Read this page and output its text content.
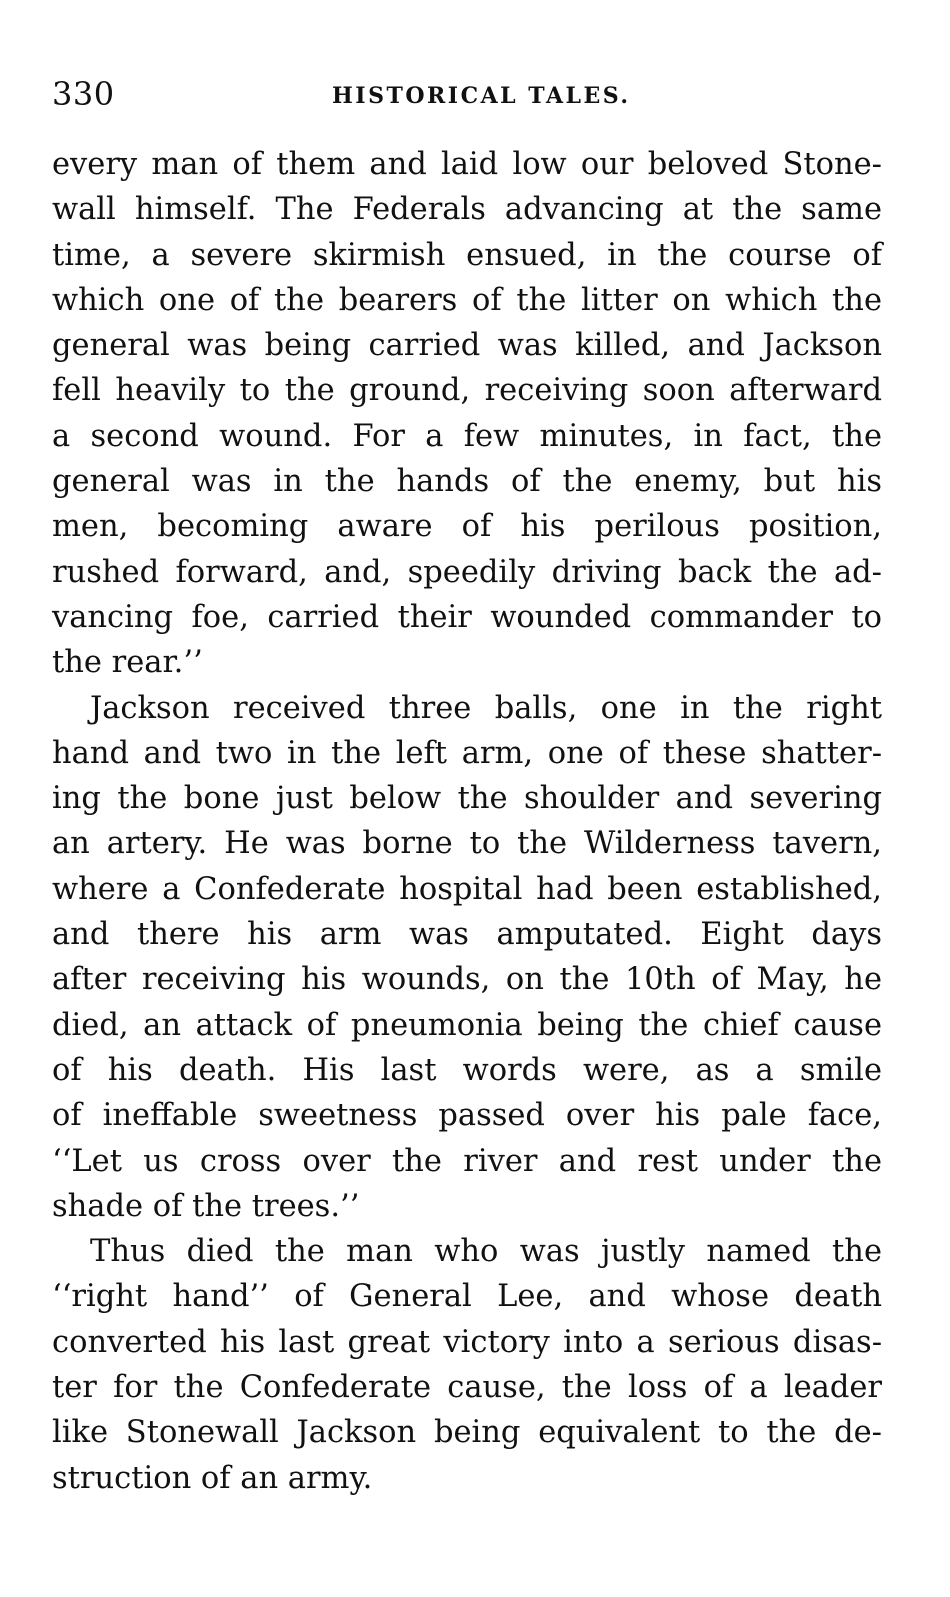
330	HISTORICAL TALES.
every man of them and laid low our beloved Stone-
wall himself. The Federals advancing at the same
time, a severe skirmish ensued, in the course of
which one of the bearers of the litter on which the
general was being carried was killed, and Jackson
fell heavily to the ground, receiving soon afterward
a second wound. For a few minutes, in fact, the
general was in the hands of the enemy, but his
men, becoming aware of his perilous position,
rushed forward, and, speedily driving back the ad-
vancing foe, carried their wounded commander to
the rear.’’
Jackson received three balls, one in the right
hand and two in the left arm, one of these shatter-
ing the bone just below the shoulder and severing
an artery. He was borne to the Wilderness tavern,
where a Confederate hospital had been established,
and there his arm was amputated. Eight days
after receiving his wounds, on the 10th of May, he
died, an attack of pneumonia being the chief cause
of his death. His last words were, as a smile
of ineffable sweetness passed over his pale face,
‘‘Let us cross over the river and rest under the
shade of the trees.’’
Thus died the man who was justly named the
‘‘right hand’’ of General Lee, and whose death
converted his last great victory into a serious disas-
ter for the Confederate cause, the loss of a leader
like Stonewall Jackson being equivalent to the de-
struction of an army.
